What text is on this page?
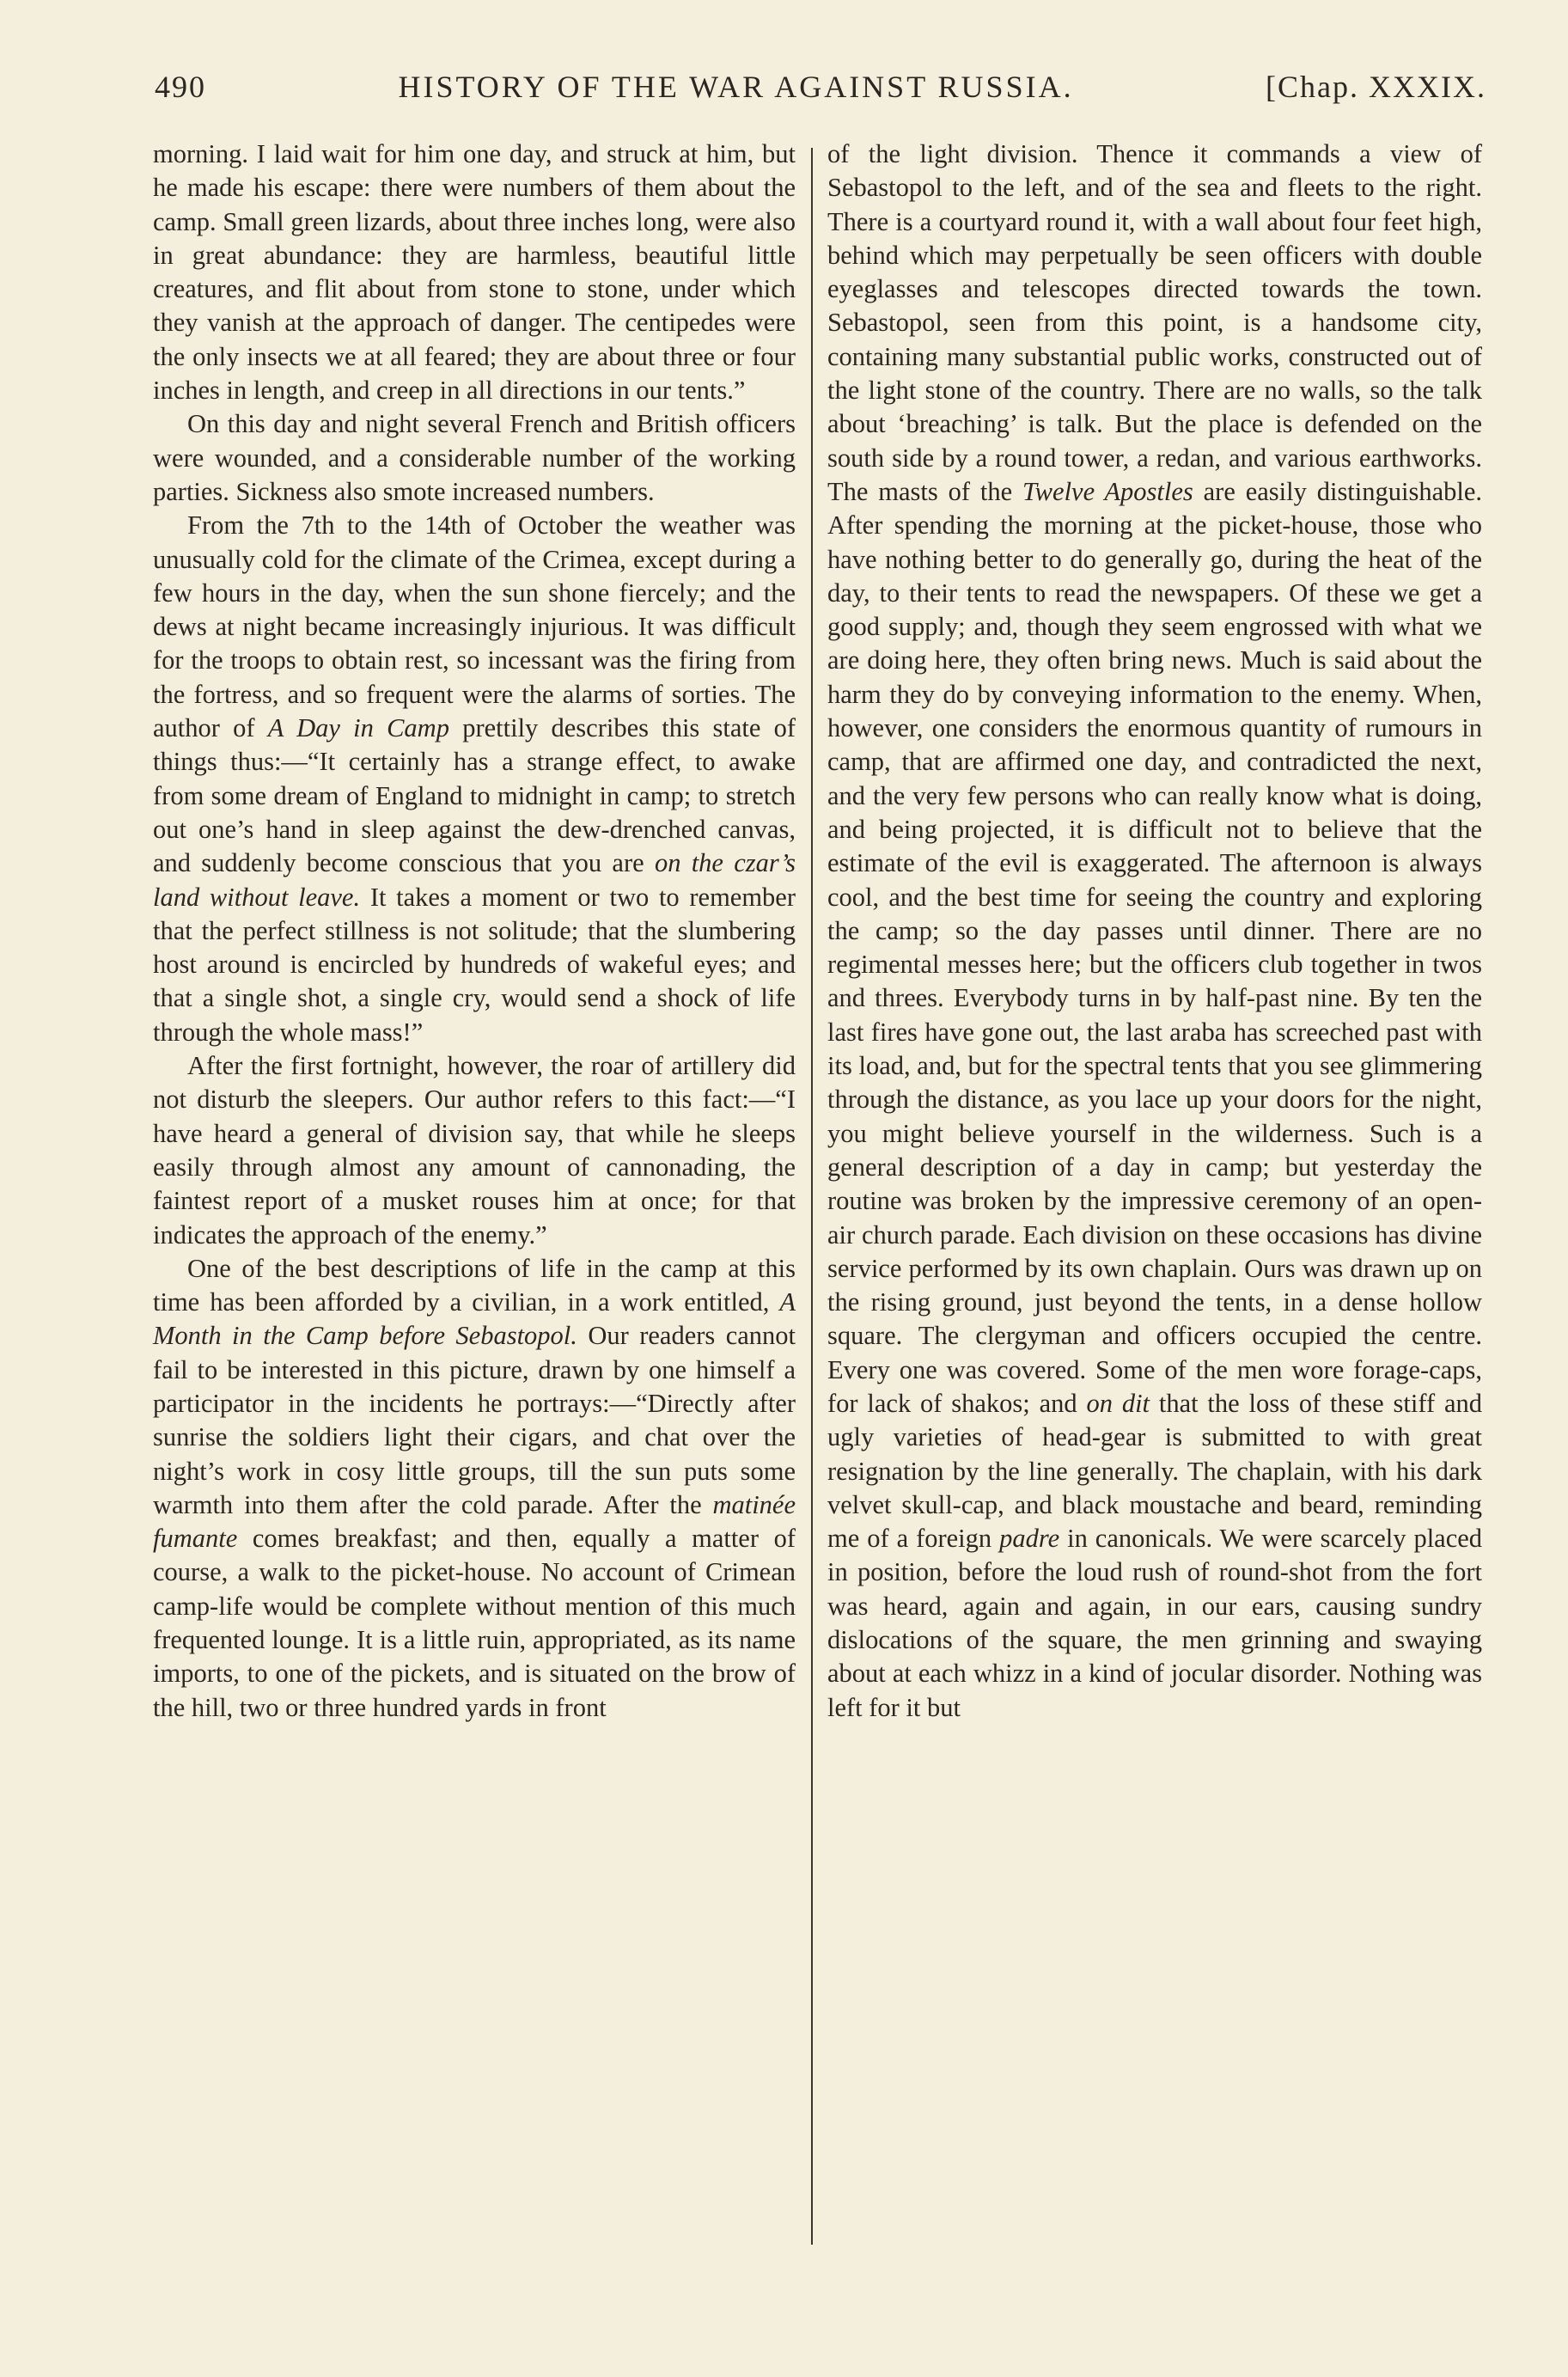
490	HISTORY OF THE WAR AGAINST RUSSIA.	[Chap. XXXIX.

morning. I laid wait for him one day, and struck at him, but he made his escape: there were numbers of them about the camp. Small green lizards, about three inches long, were also in great abundance: they are harmless, beautiful little creatures, and flit about from stone to stone, under which they vanish at the approach of danger. The centipedes were the only insects we at all feared; they are about three or four inches in length, and creep in all directions in our tents.”

On this day and night several French and British officers were wounded, and a considerable number of the working parties. Sickness also smote increased numbers.

From the 7th to the 14th of October the weather was unusually cold for the climate of the Crimea, except during a few hours in the day, when the sun shone fiercely; and the dews at night became increasingly injurious. It was difficult for the troops to obtain rest, so incessant was the firing from the fortress, and so frequent were the alarms of sorties. The author of A Day in Camp prettily describes this state of things thus:—“It certainly has a strange effect, to awake from some dream of England to midnight in camp; to stretch out one’s hand in sleep against the dew-drenched canvas, and suddenly become conscious that you are on the czar’s land without leave. It takes a moment or two to remember that the perfect stillness is not solitude; that the slumbering host around is encircled by hundreds of wakeful eyes; and that a single shot, a single cry, would send a shock of life through the whole mass!”

After the first fortnight, however, the roar of artillery did not disturb the sleepers. Our author refers to this fact:—“I have heard a general of division say, that while he sleeps easily through almost any amount of cannonading, the faintest report of a musket rouses him at once; for that indicates the approach of the enemy.”

One of the best descriptions of life in the camp at this time has been afforded by a civilian, in a work entitled, A Month in the Camp before Sebastopol. Our readers cannot fail to be interested in this picture, drawn by one himself a participator in the incidents he portrays:—“Directly after sunrise the soldiers light their cigars, and chat over the night’s work in cosy little groups, till the sun puts some warmth into them after the cold parade. After the matinée fumante comes breakfast; and then, equally a matter of course, a walk to the picket-house. No account of Crimean camp-life would be complete without mention of this much frequented lounge. It is a little ruin, appropriated, as its name imports, to one of the pickets, and is situated on the brow of the hill, two or three hundred yards in front

of the light division. Thence it commands a view of Sebastopol to the left, and of the sea and fleets to the right. There is a courtyard round it, with a wall about four feet high, behind which may perpetually be seen officers with double eyeglasses and telescopes directed towards the town. Sebastopol, seen from this point, is a handsome city, containing many substantial public works, constructed out of the light stone of the country. There are no walls, so the talk about ‘breaching’ is talk. But the place is defended on the south side by a round tower, a redan, and various earthworks. The masts of the Twelve Apostles are easily distinguishable. After spending the morning at the picket-house, those who have nothing better to do generally go, during the heat of the day, to their tents to read the newspapers. Of these we get a good supply; and, though they seem engrossed with what we are doing here, they often bring news. Much is said about the harm they do by conveying information to the enemy. When, however, one considers the enormous quantity of rumours in camp, that are affirmed one day, and contradicted the next, and the very few persons who can really know what is doing, and being projected, it is difficult not to believe that the estimate of the evil is exaggerated. The afternoon is always cool, and the best time for seeing the country and exploring the camp; so the day passes until dinner. There are no regimental messes here; but the officers club together in twos and threes. Everybody turns in by half-past nine. By ten the last fires have gone out, the last araba has screeched past with its load, and, but for the spectral tents that you see glimmering through the distance, as you lace up your doors for the night, you might believe yourself in the wilderness. Such is a general description of a day in camp; but yesterday the routine was broken by the impressive ceremony of an open-air church parade. Each division on these occasions has divine service performed by its own chaplain. Ours was drawn up on the rising ground, just beyond the tents, in a dense hollow square. The clergyman and officers occupied the centre. Every one was covered. Some of the men wore forage-caps, for lack of shakos; and on dit that the loss of these stiff and ugly varieties of head-gear is submitted to with great resignation by the line generally. The chaplain, with his dark velvet skull-cap, and black moustache and beard, reminding me of a foreign padre in canonicals. We were scarcely placed in position, before the loud rush of round-shot from the fort was heard, again and again, in our ears, causing sundry dislocations of the square, the men grinning and swaying about at each whizz in a kind of jocular disorder. Nothing was left for it but
